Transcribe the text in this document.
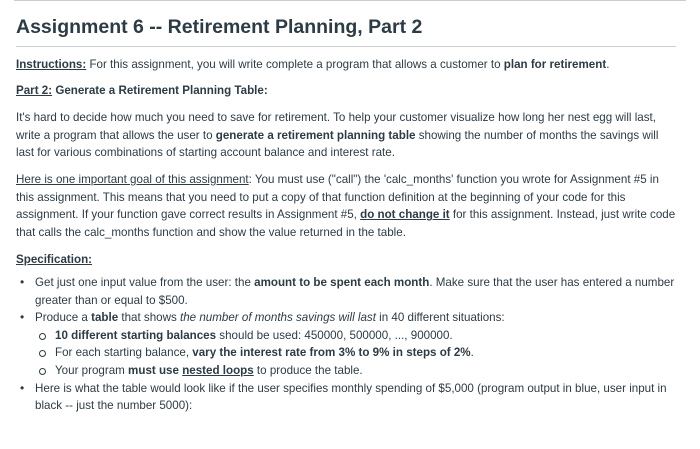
Assignment 6 -- Retirement Planning, Part 2

Instructions: For this assignment, you will write complete a program that allows a customer to plan for retirement.

Part 2: Generate a Retirement Planning Table:

It's hard to decide how much you need to save for retirement. To help your customer visualize how long her nest egg will last, write a program that allows the user to generate a retirement planning table showing the number of months the savings will last for various combinations of starting account balance and interest rate.

Here is one important goal of this assignment: You must use ("call") the 'calc_months' function you wrote for Assignment #5 in this assignment. This means that you need to put a copy of that function definition at the beginning of your code for this assignment. If your function gave correct results in Assignment #5, do not change it for this assignment. Instead, just write code that calls the calc_months function and show the value returned in the table.

Specification:

• Get just one input value from the user: the amount to be spent each month. Make sure that the user has entered a number greater than or equal to $500.
• Produce a table that shows the number of months savings will last in 40 different situations:
10 different starting balances should be used: 450000, 500000, ..., 900000.
For each starting balance, vary the interest rate from 3% to 9% in steps of 2%.
Your program must use nested loops to produce the table.
• Here is what the table would look like if the user specifies monthly spending of $5,000 (program output in blue, user input in black -- just the number 5000):
